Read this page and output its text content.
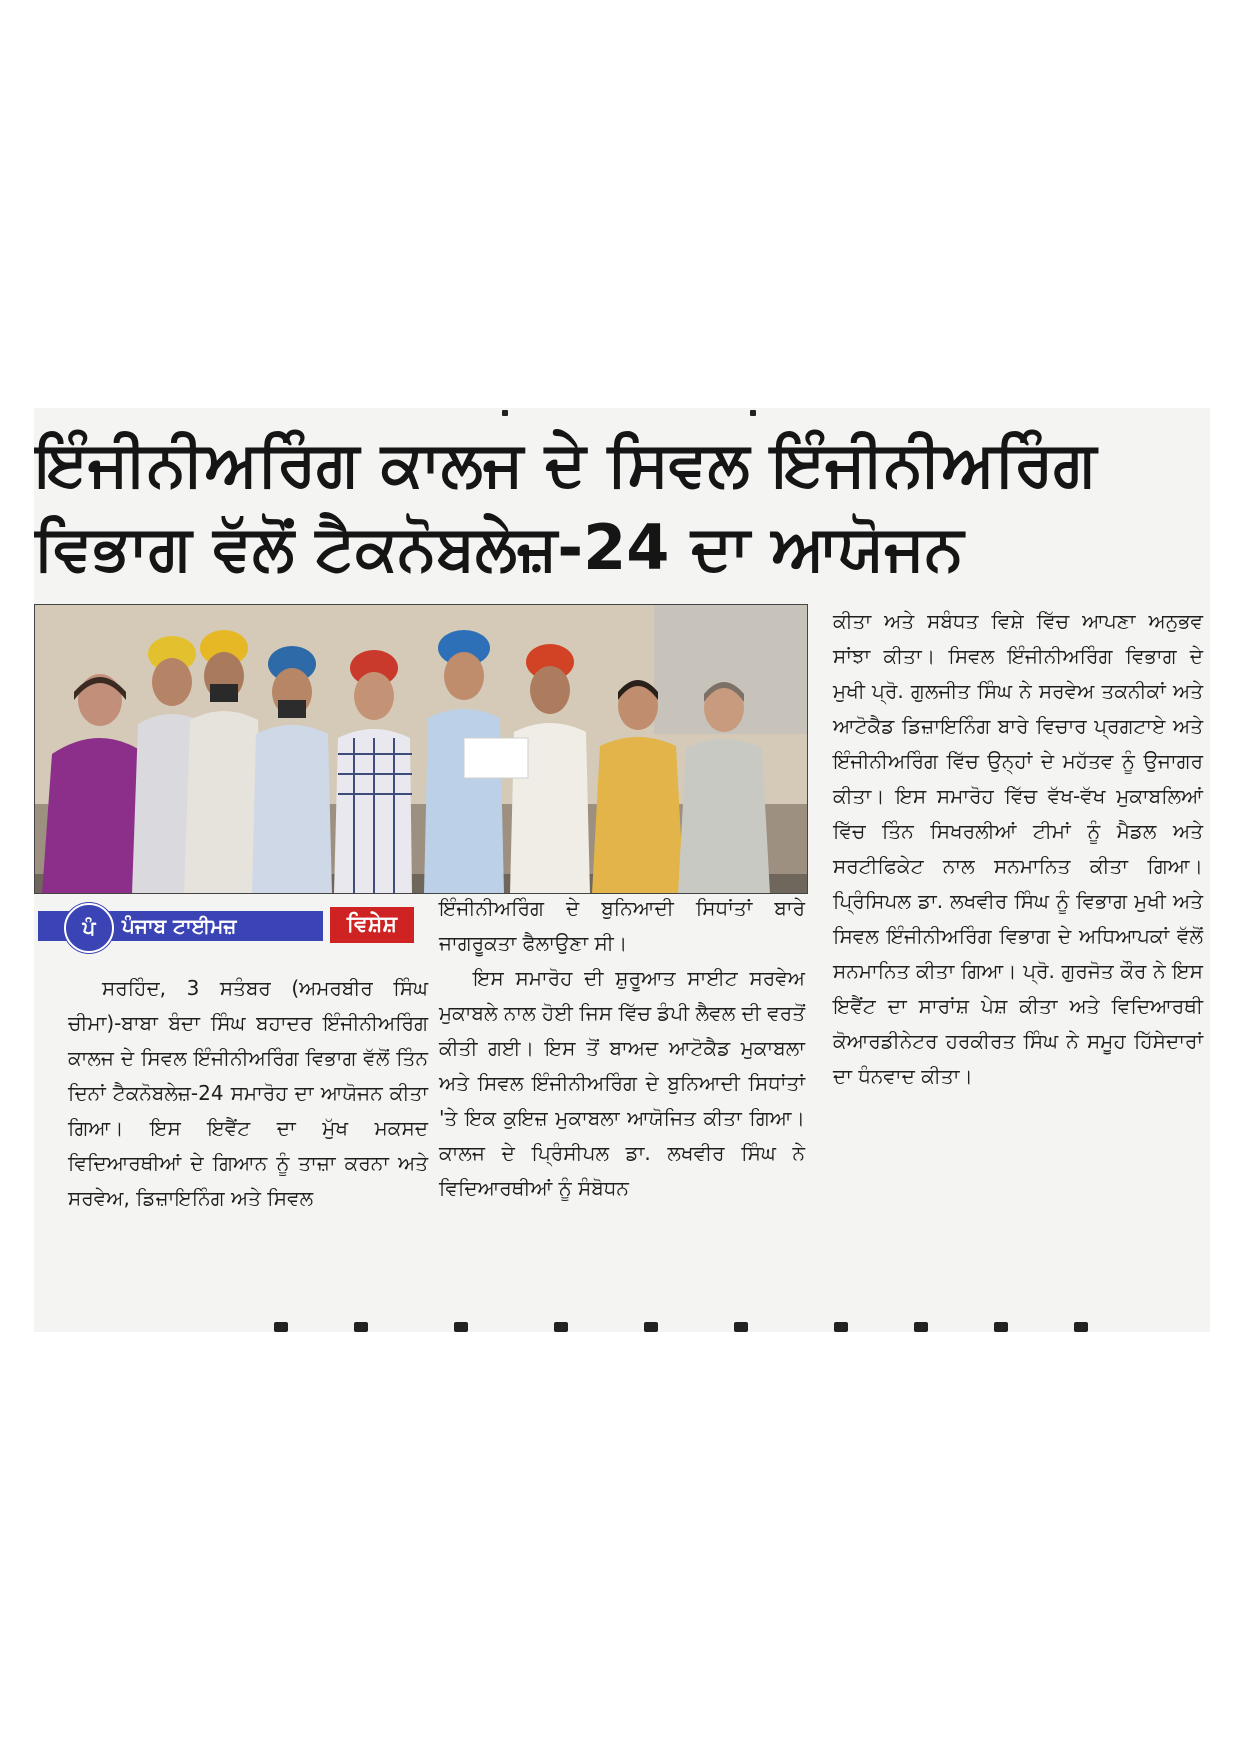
ਇੰਜੀਨੀਅਰਿੰਗ ਕਾਲਜ ਦੇ ਸਿਵਲ ਇੰਜੀਨੀਅਰਿੰਗ
ਵਿਭਾਗ ਵੱਲੋਂ ਟੈਕਨੋਬਲੇਜ਼-24 ਦਾ ਆਯੋਜਨ
ਪੰਜਾਬ ਟਾਈਮਜ਼
ਪੰ	ਵਿਸ਼ੇਸ਼
ਸਰਹਿੰਦ, 3 ਸਤੰਬਰ (ਅਮਰਬੀਰ ਸਿੰਘ ਚੀਮਾ)-ਬਾਬਾ ਬੰਦਾ ਸਿੰਘ ਬਹਾਦਰ ਇੰਜੀਨੀਅਰਿੰਗ ਕਾਲਜ ਦੇ ਸਿਵਲ ਇੰਜੀਨੀਅਰਿੰਗ ਵਿਭਾਗ ਵੱਲੋਂ ਤਿੰਨ ਦਿਨਾਂ ਟੈਕਨੋਬਲੇਜ਼-24 ਸਮਾਰੋਹ ਦਾ ਆਯੋਜਨ ਕੀਤਾ ਗਿਆ। ਇਸ ਇਵੈਂਟ ਦਾ ਮੁੱਖ ਮਕਸਦ ਵਿਦਿਆਰਥੀਆਂ ਦੇ ਗਿਆਨ ਨੂੰ ਤਾਜ਼ਾ ਕਰਨਾ ਅਤੇ ਸਰਵੇਅ, ਡਿਜ਼ਾਇਨਿੰਗ ਅਤੇ ਸਿਵਲ
ਇੰਜੀਨੀਅਰਿੰਗ ਦੇ ਬੁਨਿਆਦੀ ਸਿਧਾਂਤਾਂ ਬਾਰੇ ਜਾਗਰੂਕਤਾ ਫੈਲਾਉਣਾ ਸੀ।
ਇਸ ਸਮਾਰੋਹ ਦੀ ਸ਼ੁਰੂਆਤ ਸਾਈਟ ਸਰਵੇਅ ਮੁਕਾਬਲੇ ਨਾਲ ਹੋਈ ਜਿਸ ਵਿੱਚ ਡੰਪੀ ਲੈਵਲ ਦੀ ਵਰਤੋਂ ਕੀਤੀ ਗਈ। ਇਸ ਤੋਂ ਬਾਅਦ ਆਟੋਕੈਡ ਮੁਕਾਬਲਾ ਅਤੇ ਸਿਵਲ ਇੰਜੀਨੀਅਰਿੰਗ ਦੇ ਬੁਨਿਆਦੀ ਸਿਧਾਂਤਾਂ 'ਤੇ ਇਕ ਕੁਇਜ਼ ਮੁਕਾਬਲਾ ਆਯੋਜਿਤ ਕੀਤਾ ਗਿਆ। ਕਾਲਜ ਦੇ ਪ੍ਰਿੰਸੀਪਲ ਡਾ. ਲਖਵੀਰ ਸਿੰਘ ਨੇ ਵਿਦਿਆਰਥੀਆਂ ਨੂੰ ਸੰਬੋਧਨ
ਕੀਤਾ ਅਤੇ ਸਬੰਧਤ ਵਿਸ਼ੇ ਵਿੱਚ ਆਪਣਾ ਅਨੁਭਵ ਸਾਂਝਾ ਕੀਤਾ। ਸਿਵਲ ਇੰਜੀਨੀਅਰਿੰਗ ਵਿਭਾਗ ਦੇ ਮੁਖੀ ਪ੍ਰੋ. ਗੁਲਜੀਤ ਸਿੰਘ ਨੇ ਸਰਵੇਅ ਤਕਨੀਕਾਂ ਅਤੇ ਆਟੋਕੈਡ ਡਿਜ਼ਾਇਨਿੰਗ ਬਾਰੇ ਵਿਚਾਰ ਪ੍ਰਗਟਾਏ ਅਤੇ ਇੰਜੀਨੀਅਰਿੰਗ ਵਿੱਚ ਉਨ੍ਹਾਂ ਦੇ ਮਹੱਤਵ ਨੂੰ ਉਜਾਗਰ ਕੀਤਾ। ਇਸ ਸਮਾਰੋਹ ਵਿੱਚ ਵੱਖ-ਵੱਖ ਮੁਕਾਬਲਿਆਂ ਵਿੱਚ ਤਿੰਨ ਸਿਖਰਲੀਆਂ ਟੀਮਾਂ ਨੂੰ ਮੈਡਲ ਅਤੇ ਸਰਟੀਫਿਕੇਟ ਨਾਲ ਸਨਮਾਨਿਤ ਕੀਤਾ ਗਿਆ। ਪ੍ਰਿੰਸਿਪਲ ਡਾ. ਲਖਵੀਰ ਸਿੰਘ ਨੂੰ ਵਿਭਾਗ ਮੁਖੀ ਅਤੇ ਸਿਵਲ ਇੰਜੀਨੀਅਰਿੰਗ ਵਿਭਾਗ ਦੇ ਅਧਿਆਪਕਾਂ ਵੱਲੋਂ ਸਨਮਾਨਿਤ ਕੀਤਾ ਗਿਆ। ਪ੍ਰੋ. ਗੁਰਜੋਤ ਕੌਰ ਨੇ ਇਸ ਇਵੈਂਟ ਦਾ ਸਾਰਾਂਸ਼ ਪੇਸ਼ ਕੀਤਾ ਅਤੇ ਵਿਦਿਆਰਥੀ ਕੋਆਰਡੀਨੇਟਰ ਹਰਕੀਰਤ ਸਿੰਘ ਨੇ ਸਮੂਹ ਹਿੱਸੇਦਾਰਾਂ ਦਾ ਧੰਨਵਾਦ ਕੀਤਾ।
